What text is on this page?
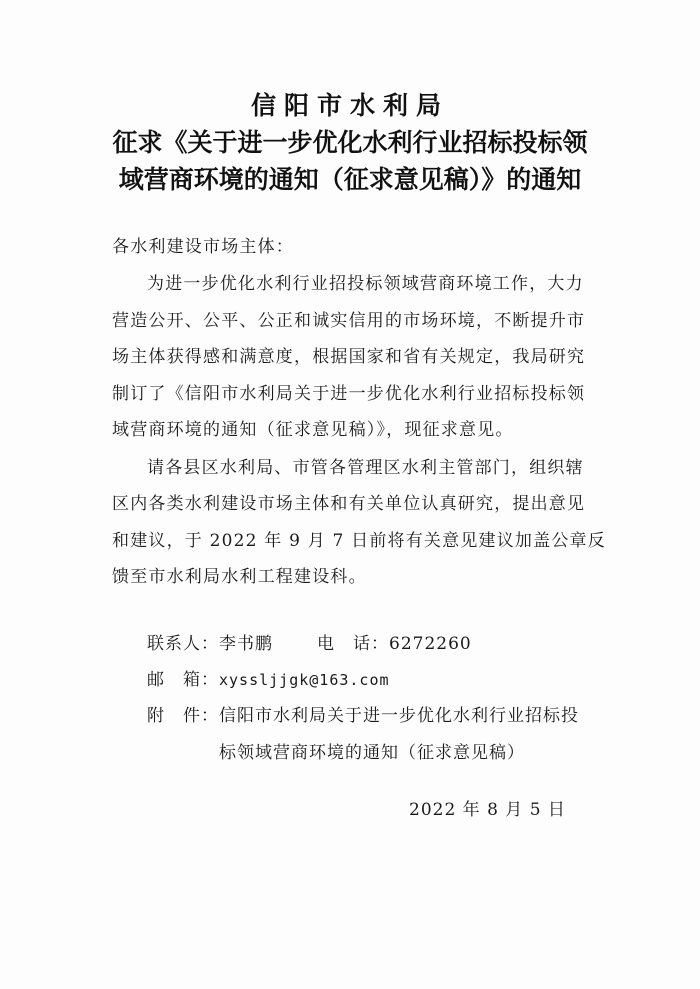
信阳市水利局
征求《关于进一步优化水利行业招标投标领
域营商环境的通知（征求意见稿）》的通知
各水利建设市场主体：
为进一步优化水利行业招投标领域营商环境工作，大力
营造公开、公平、公正和诚实信用的市场环境，不断提升市
场主体获得感和满意度，根据国家和省有关规定，我局研究
制订了《信阳市水利局关于进一步优化水利行业招标投标领
域营商环境的通知（征求意见稿）》，现征求意见。
请各县区水利局、市管各管理区水利主管部门，组织辖
区内各类水利建设市场主体和有关单位认真研究，提出意见
和建议，于 2022 年 9 月 7 日前将有关意见建议加盖公章反
馈至市水利局水利工程建设科。
联系人： 李书鹏	电　话： 6272260
邮　箱： xyssljjgk@163.com
附　件： 信阳市水利局关于进一步优化水利行业招标投
标领域营商环境的通知（征求意见稿）
2022 年 8 月 5 日
